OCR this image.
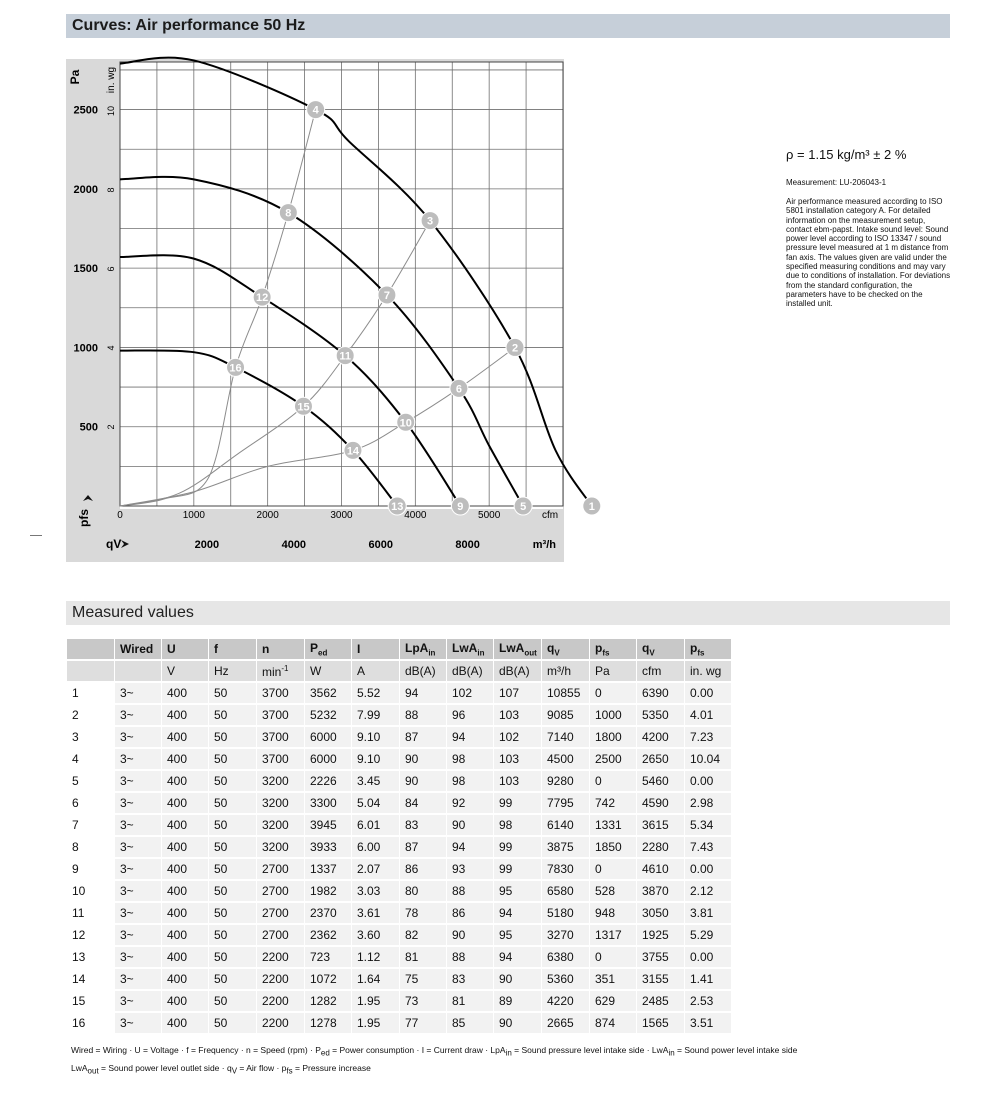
Curves: Air performance 50 Hz
1
2
3
4
5
6
7
8
9
10
11
12
13
14
15
16
500
1000
1500
2000
2500
2
4
6
8
10
0	1000	2000	3000	4000	5000
2000	4000	6000	8000
Pa in. wg
pfs
qV	m³/h
cfm

ρ = 1.15 kg/m³ ± 2 %

Measurement: LU-206043-1

Air performance measured according to ISO 5801 installation category A. For detailed information on the measurement setup, contact ebm-papst. Intake sound level: Sound power level according to ISO 13347 / sound pressure level measured at 1 m distance from fan axis. The values given are valid under the specified measuring conditions and may vary due to conditions of installation. For deviations from the standard configuration, the parameters have to be checked on the installed unit.

Measured values
	Wired	U	f	n	$P_{ed}$	I	LpA$_{in}$	LwA$_{in}$	LwA$_{out}$	$q_V$	$p_{fs}$	$q_V$	$p_{fs}$
		V	Hz	$\min^{-1}$	W	A	dB(A)	dB(A)	dB(A)	m³/h	Pa	cfm	in. wg
1	3~	400	50	3700	3562	5.52	94	102	107	10855	0	6390	0.00
2	3~	400	50	3700	5232	7.99	88	96	103	9085	1000	5350	4.01
3	3~	400	50	3700	6000	9.10	87	94	102	7140	1800	4200	7.23
4	3~	400	50	3700	6000	9.10	90	98	103	4500	2500	2650	10.04
5	3~	400	50	3200	2226	3.45	90	98	103	9280	0	5460	0.00
6	3~	400	50	3200	3300	5.04	84	92	99	7795	742	4590	2.98
7	3~	400	50	3200	3945	6.01	83	90	98	6140	1331	3615	5.34
8	3~	400	50	3200	3933	6.00	87	94	99	3875	1850	2280	7.43
9	3~	400	50	2700	1337	2.07	86	93	99	7830	0	4610	0.00
10	3~	400	50	2700	1982	3.03	80	88	95	6580	528	3870	2.12
11	3~	400	50	2700	2370	3.61	78	86	94	5180	948	3050	3.81
12	3~	400	50	2700	2362	3.60	82	90	95	3270	1317	1925	5.29
13	3~	400	50	2200	723	1.12	81	88	94	6380	0	3755	0.00
14	3~	400	50	2200	1072	1.64	75	83	90	5360	351	3155	1.41
15	3~	400	50	2200	1282	1.95	73	81	89	4220	629	2485	2.53
16	3~	400	50	2200	1278	1.95	77	85	90	2665	874	1565	3.51
Wired = Wiring · U = Voltage · f = Frequency · n = Speed $(rpm) \cdot P_{ed}$ = Power consumption · I = Current draw · LpA$_{in}$ = Sound pressure level intake side · LwA$_{in}$ = Sound power level intake side
LwA$_{out}$ = Sound power level outlet side · $q_V$ = Air flow · $p_{fs}$ = Pressure increase
